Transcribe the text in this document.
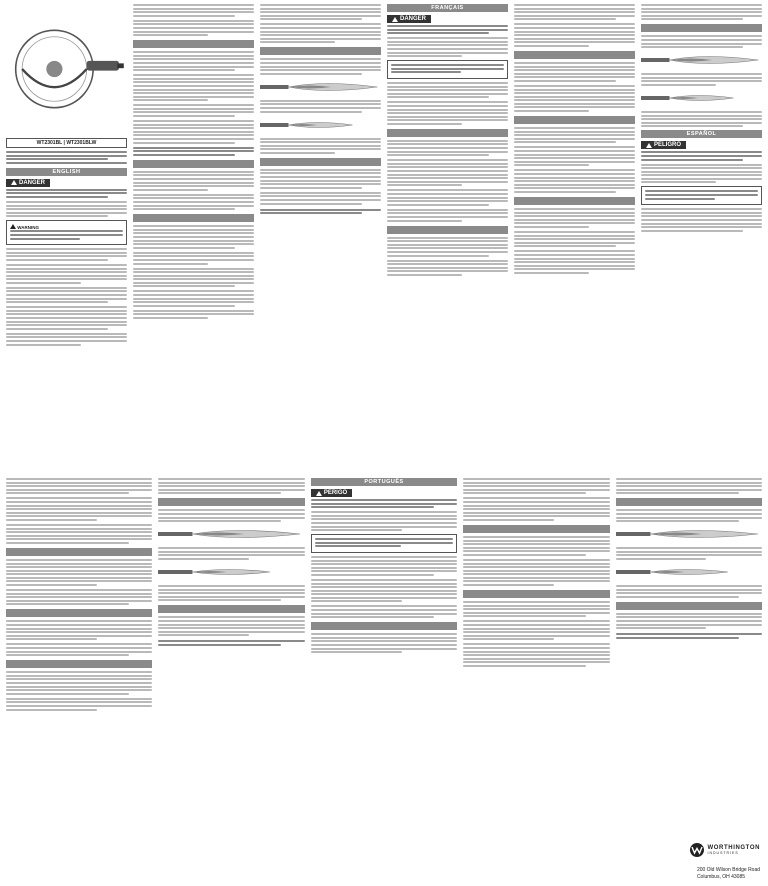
WT2301BL | WT2301BLW
ENGLISH
DANGER
WARNING

FRANÇAIS
DANGER

ESPAÑOL
PELIGRO

PORTUGUÊS
PERIGO

WORTHINGTON
INDUSTRIES
200 Old Wilson Bridge Road
Columbus, OH 43085
